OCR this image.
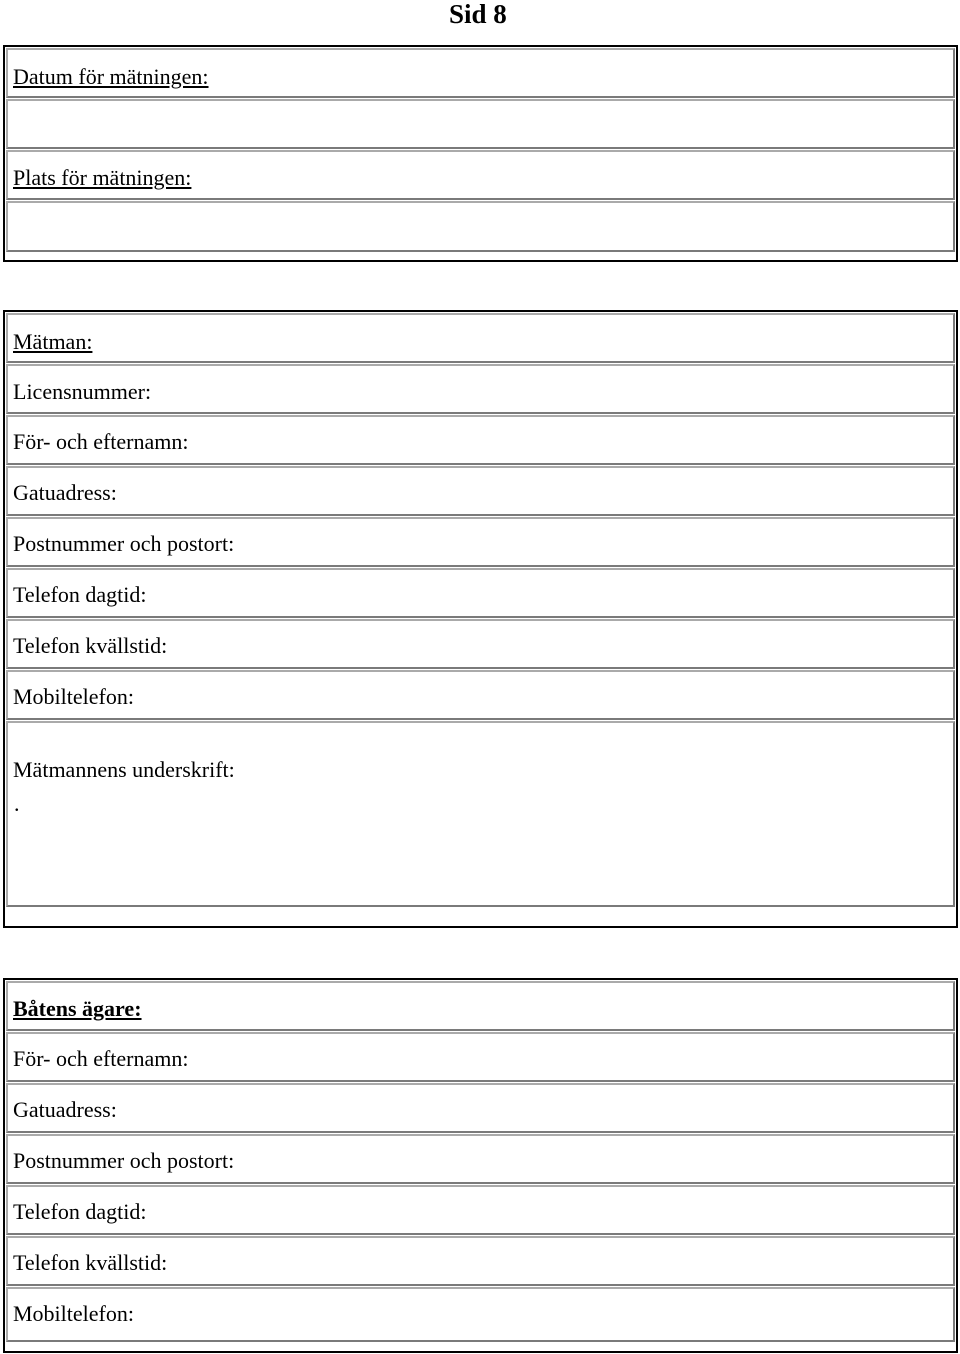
Sid 8
Datum för mätningen:
Plats för mätningen:
Mätman:
Licensnummer:
För- och efternamn:
Gatuadress:
Postnummer och postort:
Telefon dagtid:
Telefon kvällstid:
Mobiltelefon:
Mätmannens underskrift:
.
Båtens ägare:
För- och efternamn:
Gatuadress:
Postnummer och postort:
Telefon dagtid:
Telefon kvällstid:
Mobiltelefon:
